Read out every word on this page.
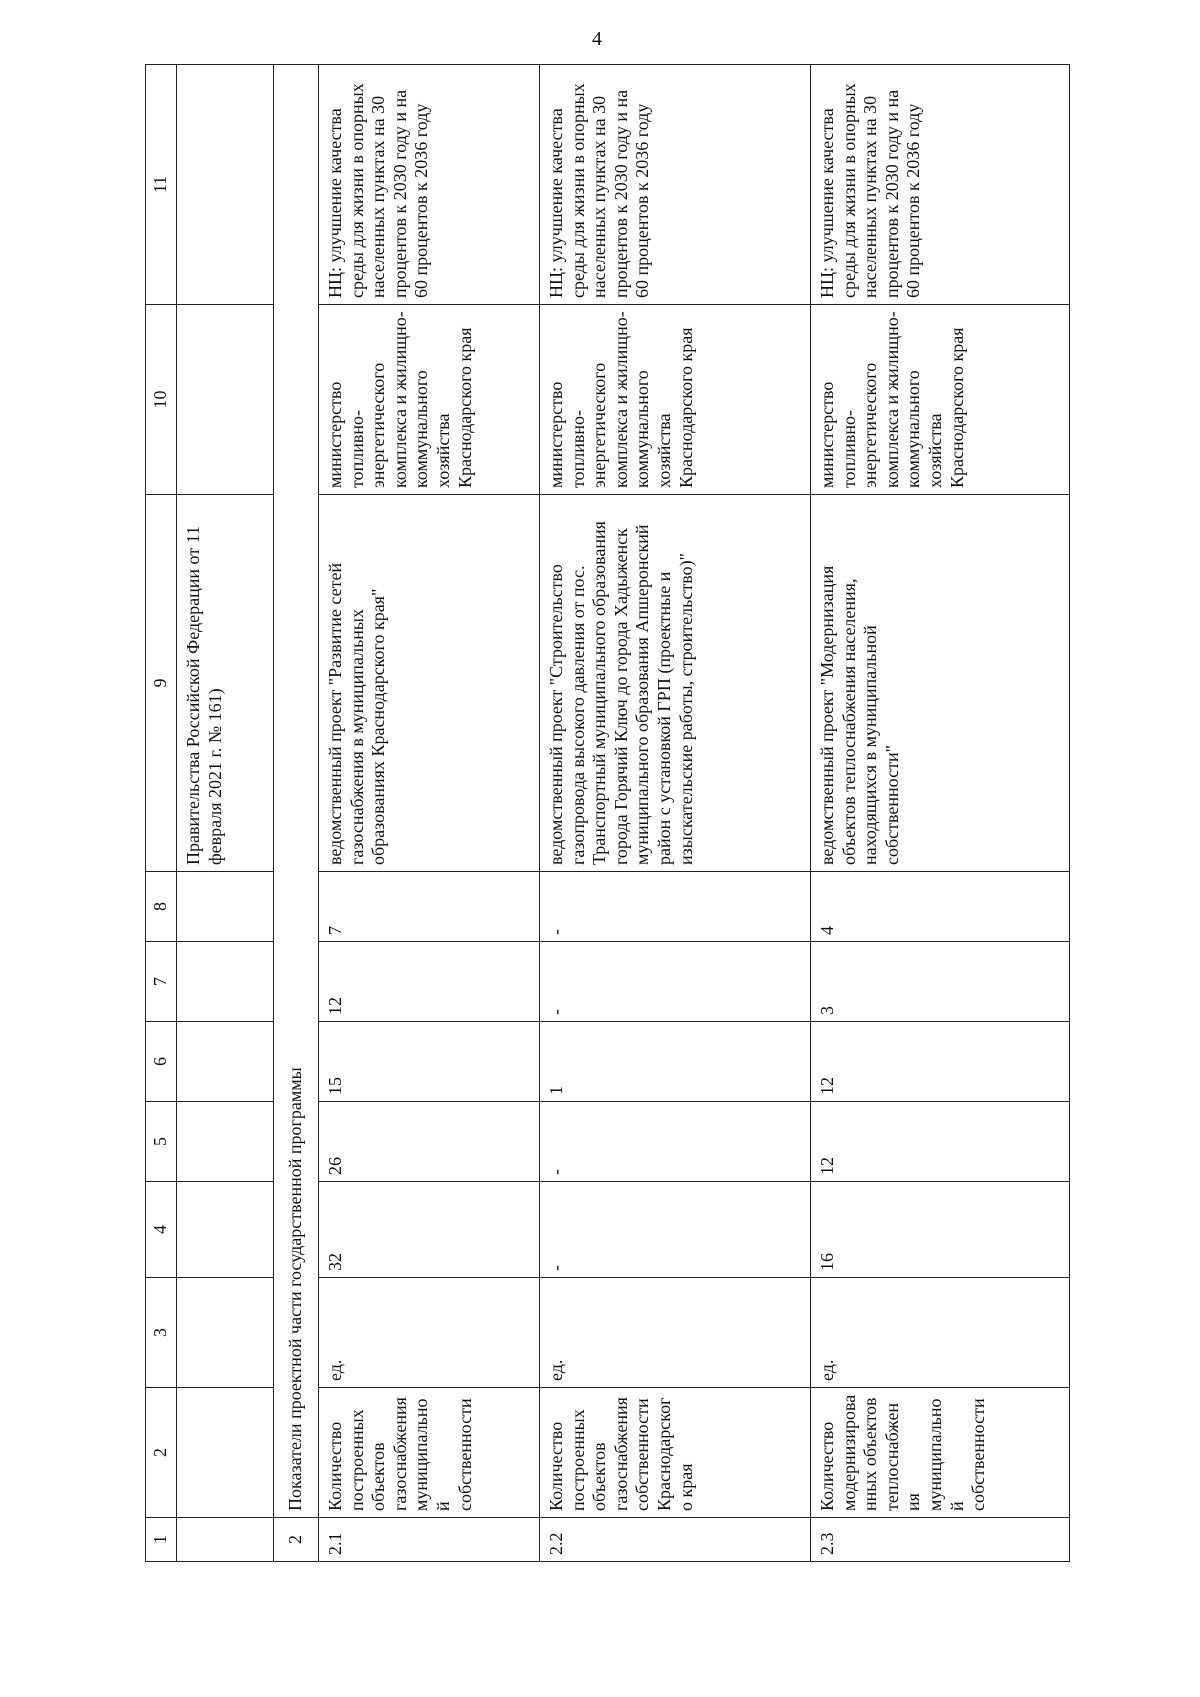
4
1	2	3	4	5	6	7	8	9	10	11
								Правительства Российской Федерации от 11 февраля 2021 г. № 161)		
2	Показатели проектной части государственной программы									
2.1	Количество построенных объектов газоснабжения муниципальной собственности	ед.	32	26	15	12	7	ведомственный проект "Развитие сетей газоснабжения в муниципальных образованиях Краснодарского края"	министерство топливно-энергетического комплекса и жилищно-коммунального хозяйства Краснодарского края	НЦ: улучшение качества среды для жизни в опорных населенных пунктах на 30 процентов к 2030 году и на 60 процентов к 2036 году
2.2	Количество построенных объектов газоснабжения собственности Краснодарского края	ед.	-	-	1	-	-	ведомственный проект "Строительство газопровода высокого давления от пос. Транспортный муниципального образования города Горячий Ключ до города Хадыженск муниципального образования Апшеронский район с установкой ГРП (проектные и изыскательские работы, строительство)"	министерство топливно-энергетического комплекса и жилищно-коммунального хозяйства Краснодарского края	НЦ: улучшение качества среды для жизни в опорных населенных пунктах на 30 процентов к 2030 году и на 60 процентов к 2036 году
2.3	Количество модернизированных объектов теплоснабжения муниципальной собственности	ед.	16	12	12	3	4	ведомственный проект "Модернизация объектов теплоснабжения населения, находящихся в муниципальной собственности"	министерство топливно-энергетического комплекса и жилищно-коммунального хозяйства Краснодарского края	НЦ: улучшение качества среды для жизни в опорных населенных пунктах на 30 процентов к 2030 году и на 60 процентов к 2036 году
